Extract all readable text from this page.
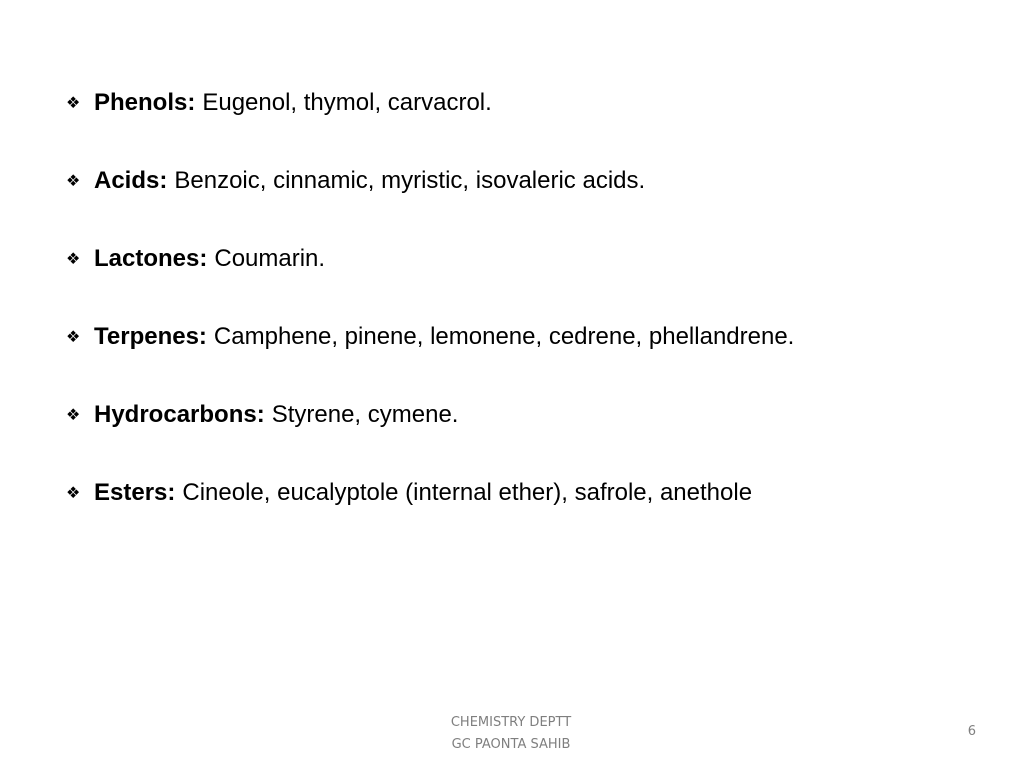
❖ Phenols: Eugenol, thymol, carvacrol.
❖ Acids: Benzoic, cinnamic, myristic, isovaleric acids.
❖ Lactones: Coumarin.
❖ Terpenes: Camphene, pinene, lemonene, cedrene, phellandrene.
❖ Hydrocarbons: Styrene, cymene.
❖ Esters: Cineole, eucalyptole (internal ether), safrole, anethole
CHEMISTRY DEPTT
GC PAONTA SAHIB
6
